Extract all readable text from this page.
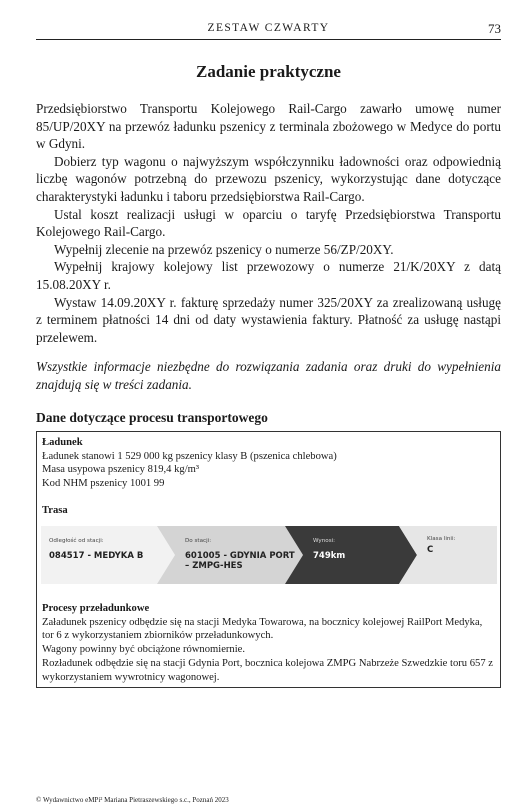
ZESTAW CZWARTY	73
Zadanie praktyczne

Przedsiębiorstwo Transportu Kolejowego Rail-Cargo zawarło umowę numer 85/UP/20XY na przewóz ładunku pszenicy z terminala zbożowego w Medyce do portu w Gdyni.

Dobierz typ wagonu o najwyższym współczynniku ładowności oraz odpowiednią liczbę wagonów potrzebną do przewozu pszenicy, wykorzystując dane dotyczące charakterystyki ładunku i taboru przedsiębiorstwa Rail-Cargo.

Ustal koszt realizacji usługi w oparciu o taryfę Przedsiębiorstwa Transportu Kolejowego Rail-Cargo.

Wypełnij zlecenie na przewóz pszenicy o numerze 56/ZP/20XY.

Wypełnij krajowy kolejowy list przewozowy o numerze 21/K/20XY z datą 15.08.20XY r.

Wystaw 14.09.20XY r. fakturę sprzedaży numer 325/20XY za zrealizowaną usługę z terminem płatności 14 dni od daty wystawienia faktury. Płatność za usługę nastąpi przelewem.

Wszystkie informacje niezbędne do rozwiązania zadania oraz druki do wypełnienia znajdują się w treści zadania.

Dane dotyczące procesu transportowego
Ładunek
Ładunek stanowi 1 529 000 kg pszenicy klasy B (pszenica chlebowa)
Masa usypowa pszenicy 819,4 kg/m³
Kod NHM pszenicy 1001 99
Trasa
Odległość od stacji:
084517 - MEDYKA B
Do stacji:
601005 - GDYNIA PORT – ZMPG-HES
Wynosi:
749km
Klasa linii:
C
Procesy przeładunkowe
Załadunek pszenicy odbędzie się na stacji Medyka Towarowa, na bocznicy kolejowej RailPort Medyka, tor 6 z wykorzystaniem zbiorników przeładunkowych.
Wagony powinny być obciążone równomiernie.
Rozładunek odbędzie się na stacji Gdynia Port, bocznica kolejowa ZMPG Nabrzeże Szwedzkie toru 657 z wykorzystaniem wywrotnicy wagonowej.
© Wydawnictwo eMPi² Mariana Pietraszewskiego s.c., Poznań 2023
